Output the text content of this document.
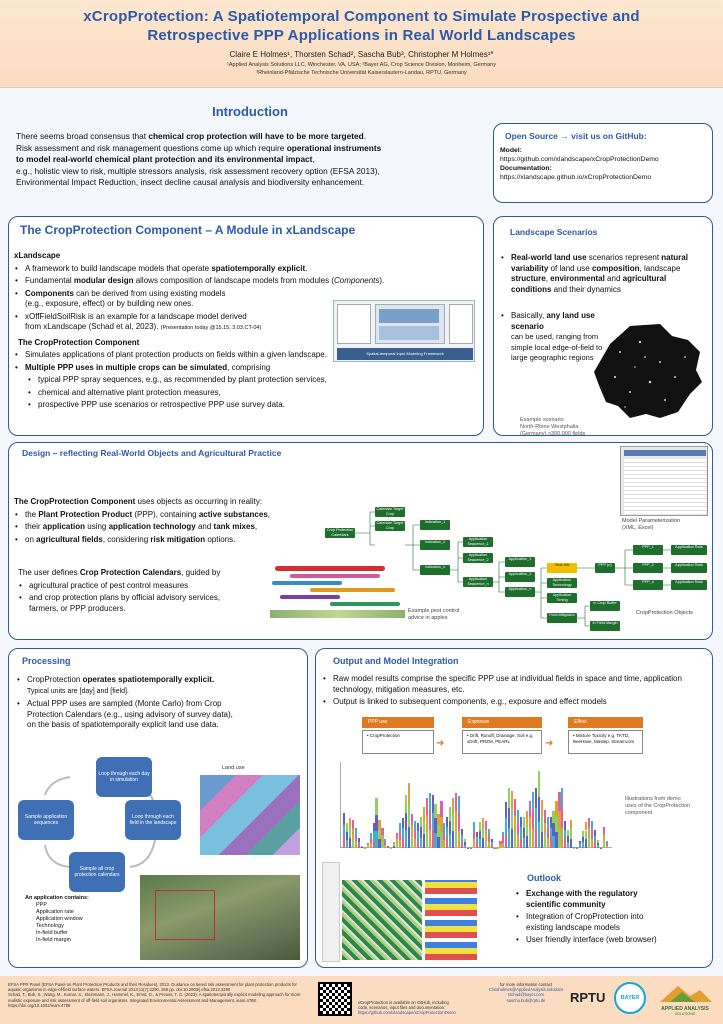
xCropProtection: A Spatiotemporal Component to Simulate Prospective and
Retrospective PPP Applications in Real World Landscapes
Claire E Holmes¹, Thorsten Schad², Sascha Bub³, Christopher M Holmes¹*
¹Applied Analysis Solutions LLC, Winchester, VA, USA; ²Bayer AG, Crop Science Division, Monheim, Germany
³Rheinland-Pfälzische Technische Universität Kaiserslautern-Landau, RPTU, Germany
Introduction
There seems broad consensus that chemical crop protection will have to be more targeted.
Risk assessment and risk management questions come up which require operational instruments
to model real-world chemical plant protection and its environmental impact,
e.g., holistic view to risk, multiple stressors analysis, risk assessment recovery option (EFSA 2013),
Environmental Impact Reduction, insect decline causal analysis and biodiversity enhancement.
Open Source → visit us on GitHub:
Model:
https://github.com/xlandscape/xCropProtectionDemo
Documentation:
https://xlandscape.github.io/xCropProtectionDemo
The CropProtection Component – A Module in xLandscape
xLandscape
• A framework to build landscape models that operate spatiotemporally explicit.
• Fundamental modular design allows composition of landscape models from modules (Components).
• Components can be derived from using existing models
(e.g., exposure, effect) or by building new ones.
• xOffFieldSoilRisk is an example for a landscape model derived
from xLandscape (Schad et al, 2023). (Presentation today @15.15, 3.03.CT-04)
The CropProtection Component
• Simulates applications of plant protection products on fields within a given landscape.
• Multiple PPP uses in multiple crops can be simulated, comprising
• typical PPP spray sequences, e.g., as recommended by plant protection services,
• chemical and alternative plant protection measures,
• prospective PPP use scenarios or retrospective PPP use survey data.
Spatial-temporal Input Modeling Framework
Landscape Scenarios
• Real-world land use scenarios represent natural variability of land use composition, landscape structure, environmental and agricultural conditions and their dynamics
• Basically, any land use scenario
can be used, ranging from simple local edge-of-field to large geographic regions
Example scenario
North-Rhine Westphalia
(Germany) >300,000 fields
Design – reflecting Real-World Objects and Agricultural Practice
The CropProtection Component uses objects as occurring in reality:
• the Plant Protection Product (PPP), containing active substances,
• their application using application technology and tank mixes,
• on agricultural fields, considering risk mitigation options.
The user defines Crop Protection Calendars, guided by
• agricultural practice of pest control measures
• and crop protection plans by official advisory services,
farmers, or PPP producers.	Example pest control
advice in apples
Model Parameterization
(XML, Excel)
Crop Protection Calendars
Calendar Target Crop
Calendar Target Crop
Indication_1
Indication_2
Indication_n
Application Sequence_1
Application Sequence_2
Application Sequence_n
Application_1
Application_2
Application_n
Tank Mix
Application Technology
Application Timing
Field Mitigation
PPP (n)
PPP_1
PPP_2
PPP_n
Application Rate
Application Rate
Application Rate
In Crop Buffer
In Field Margin
CropProtection Objects
Processing
• CropProtection operates spatiotemporally explicit.
Typical units are [day] and [field].
• Actual PPP uses are sampled (Monte Carlo) from Crop
Protection Calendars (e.g., using advisory of survey data),
on the basis of spatiotemporally explicit land use data.
Loop through each day in simulation
Loop through each field in the landscape
Sample all crop protection calendars
Sample application sequences
Land use
An application contains:
PPP
Application rate
Application window
Technology
In-field buffer
In-field margin
Output and Model Integration
• Raw model results comprise the specific PPP use at individual fields in space and time, application technology, mitigation measures, etc.
• Output is linked to subsequent components, e.g., exposure and effect models
PPP use	Exposure	Effect
• CropProtection	• Drift, Runoff, Drainage, Soil e.g. xDrift, PRZM, PEARL
• Mixture Toxicity e.g. TKTD, BeeHave, Mastep, Streamcom
➜	➜
Illustrations from demo
uses of the CropProtection
component
Outlook
• Exchange with the regulatory
scientific community
• Integration of CropProtection into
existing landscape models
• User friendly interface (web browser)
EFSA PPR Panel (EFSA Panel on Plant Protection Products and their Residues), 2013. Guidance on tiered risk assessment for plant protection products for aquatic organisms in edge-of-field surface waters. EFSA Journal 2013;11(7):3290, 268 pp. doi:10.2903/j.efsa.2013.3290
Schad, T., Bub, S., Wang, M., Kumar, S., Kleinmann, J., Hammel, K., Ernst, G., & Preuss, T. G. (2023). A spatiotemporally explicit modeling approach for more realistic exposure and risk assessment of off-field soil organisms. Integrated Environmental Assessment and Management, ieam.4788.
https://doi.org/10.1002/ieam.4788
xCropProtection is available on GitHub, including
code, scenarios, input files and documentation:
https://github.com/xlandscape/xCropProtectionDemo
for more information contact
Chrisholmes@AppliedAnalysis.solutions
tschad@bayer.com
sascha.bub@rptu.de	RPTU	BAYER
APPLIED ANALYSIS
SOLUTIONS
